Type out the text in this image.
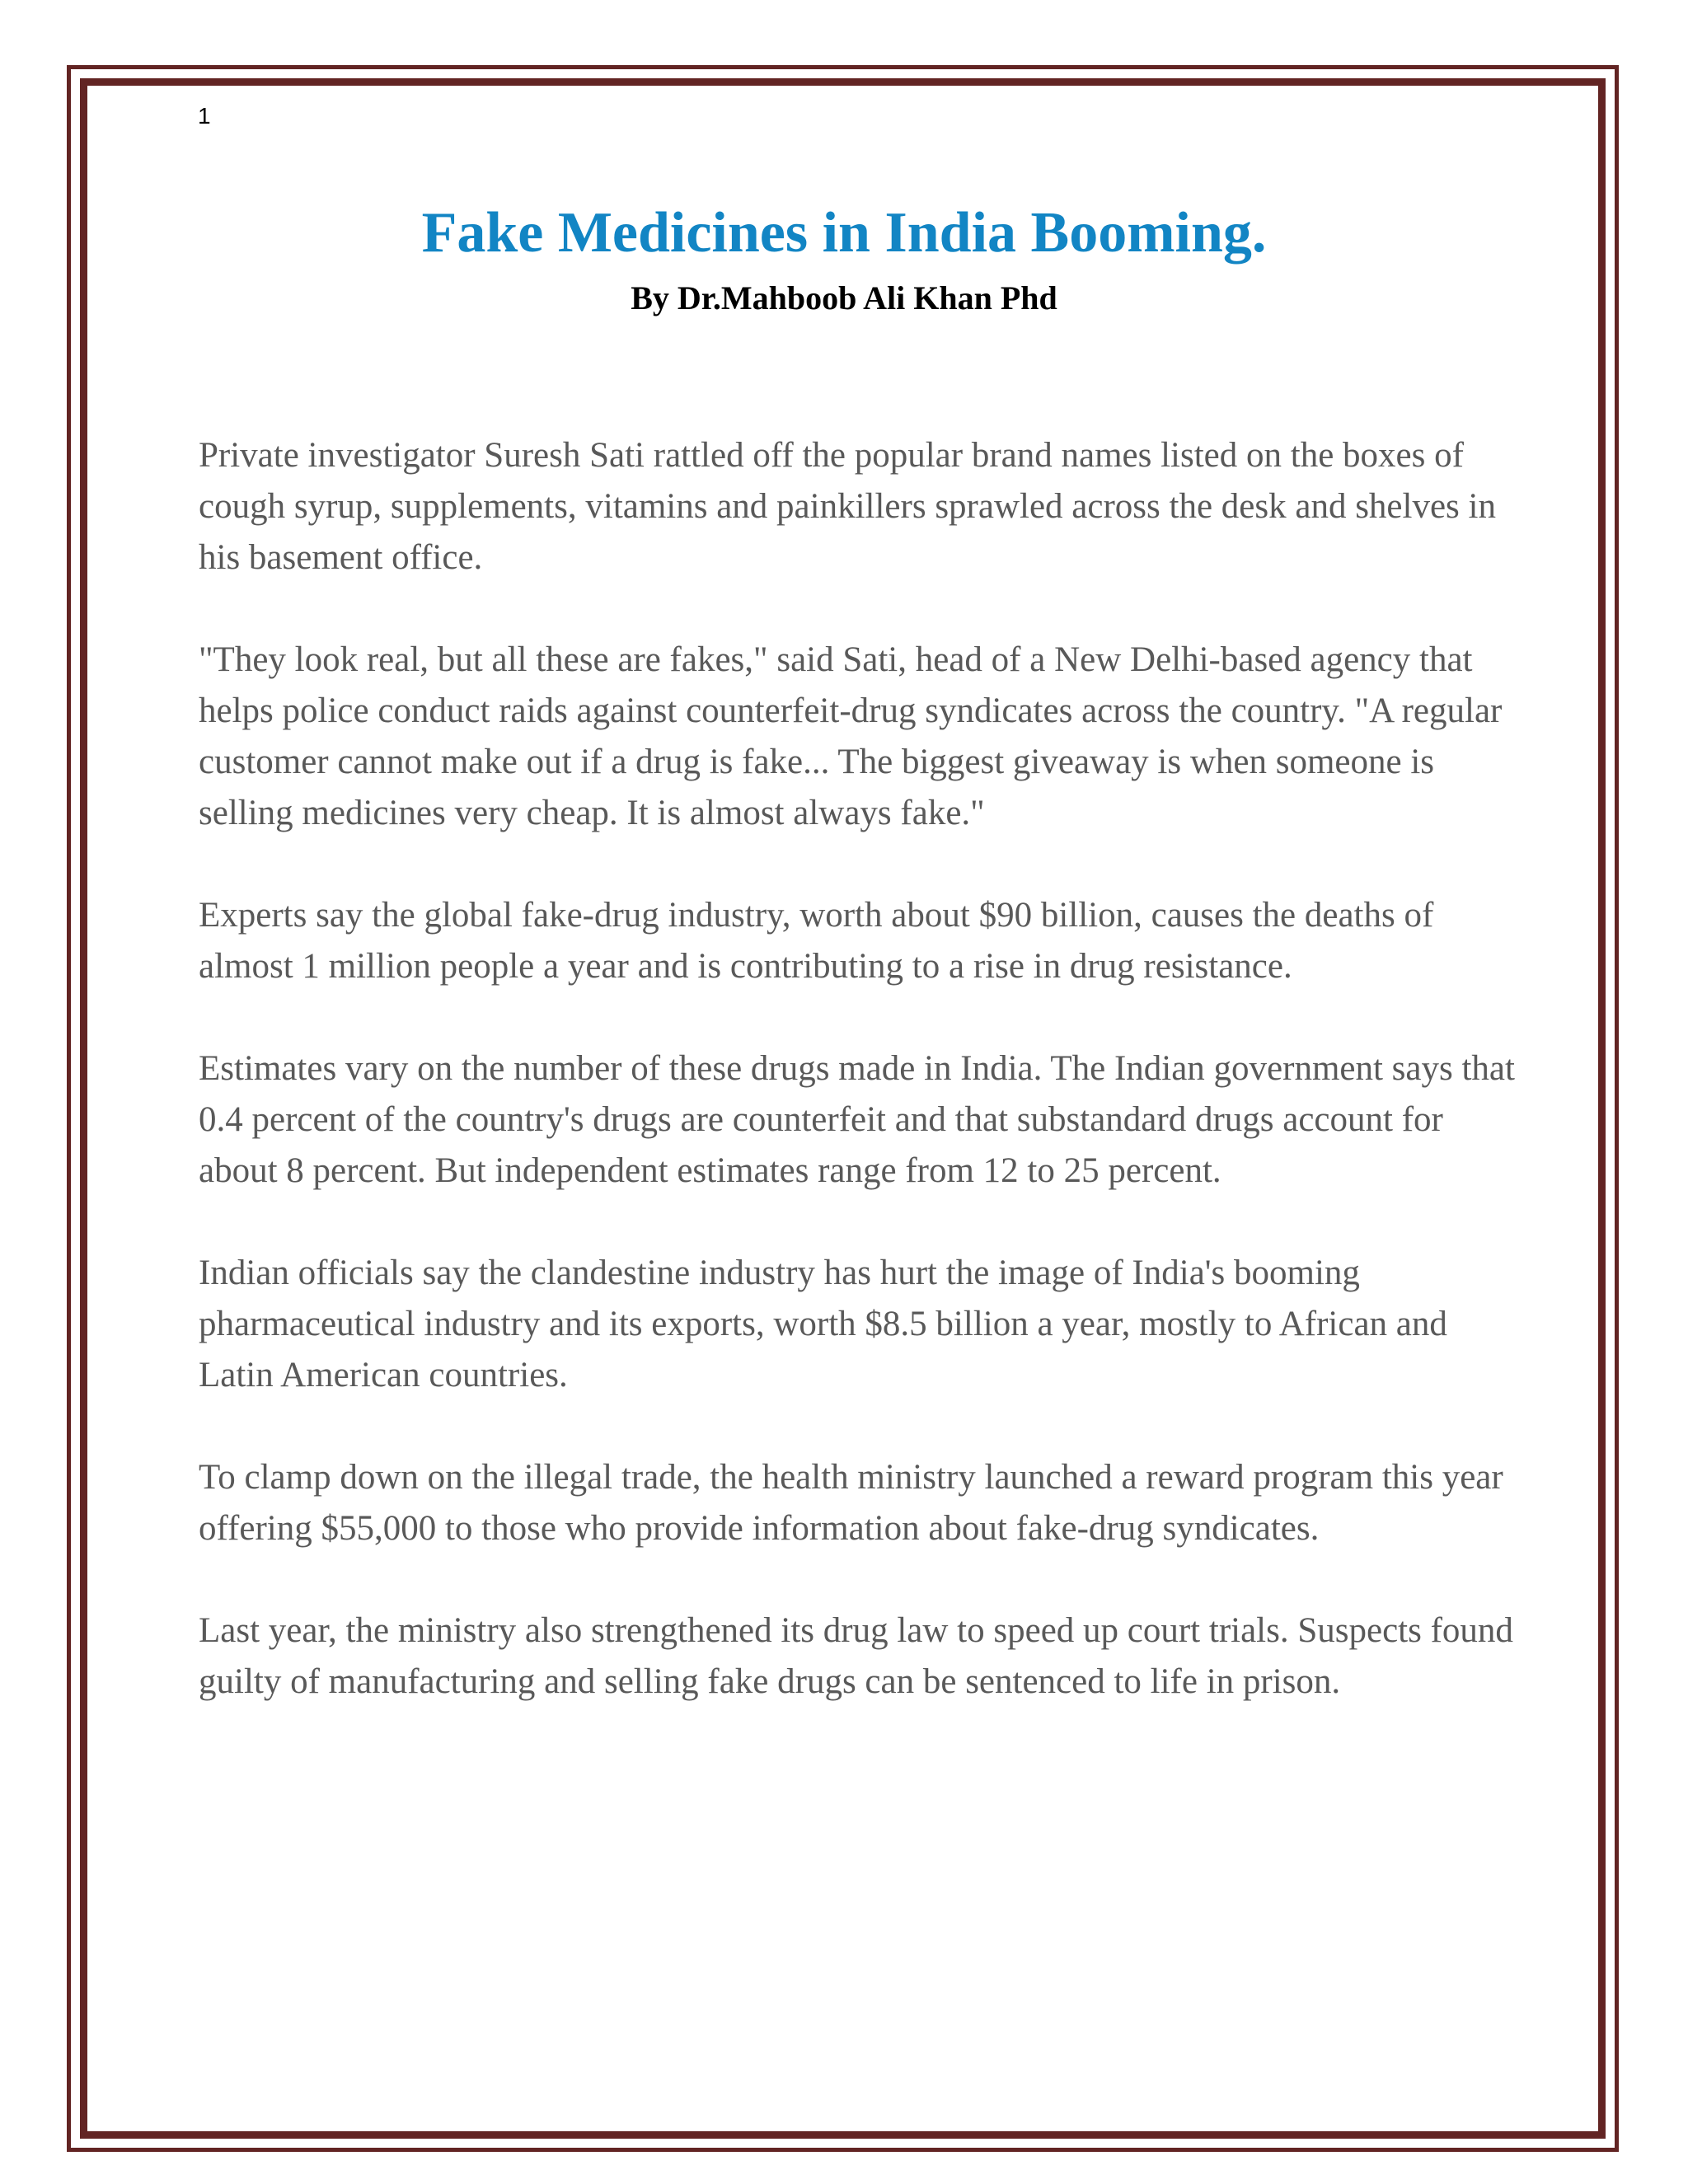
1
Fake Medicines in India Booming.
By Dr.Mahboob Ali Khan Phd

Private investigator Suresh Sati rattled off the popular brand names listed on the boxes of cough syrup, supplements, vitamins and painkillers sprawled across the desk and shelves in his basement office.

"They look real, but all these are fakes," said Sati, head of a New Delhi-based agency that helps police conduct raids against counterfeit-drug syndicates across the country. "A regular customer cannot make out if a drug is fake... The biggest giveaway is when someone is selling medicines very cheap. It is almost always fake."

Experts say the global fake-drug industry, worth about $90 billion, causes the deaths of almost 1 million people a year and is contributing to a rise in drug resistance.

Estimates vary on the number of these drugs made in India. The Indian government says that 0.4 percent of the country's drugs are counterfeit and that substandard drugs account for about 8 percent. But independent estimates range from 12 to 25 percent.

Indian officials say the clandestine industry has hurt the image of India's booming pharmaceutical industry and its exports, worth $8.5 billion a year, mostly to African and Latin American countries.

To clamp down on the illegal trade, the health ministry launched a reward program this year offering $55,000 to those who provide information about fake-drug syndicates.

Last year, the ministry also strengthened its drug law to speed up court trials. Suspects found guilty of manufacturing and selling fake drugs can be sentenced to life in prison.
